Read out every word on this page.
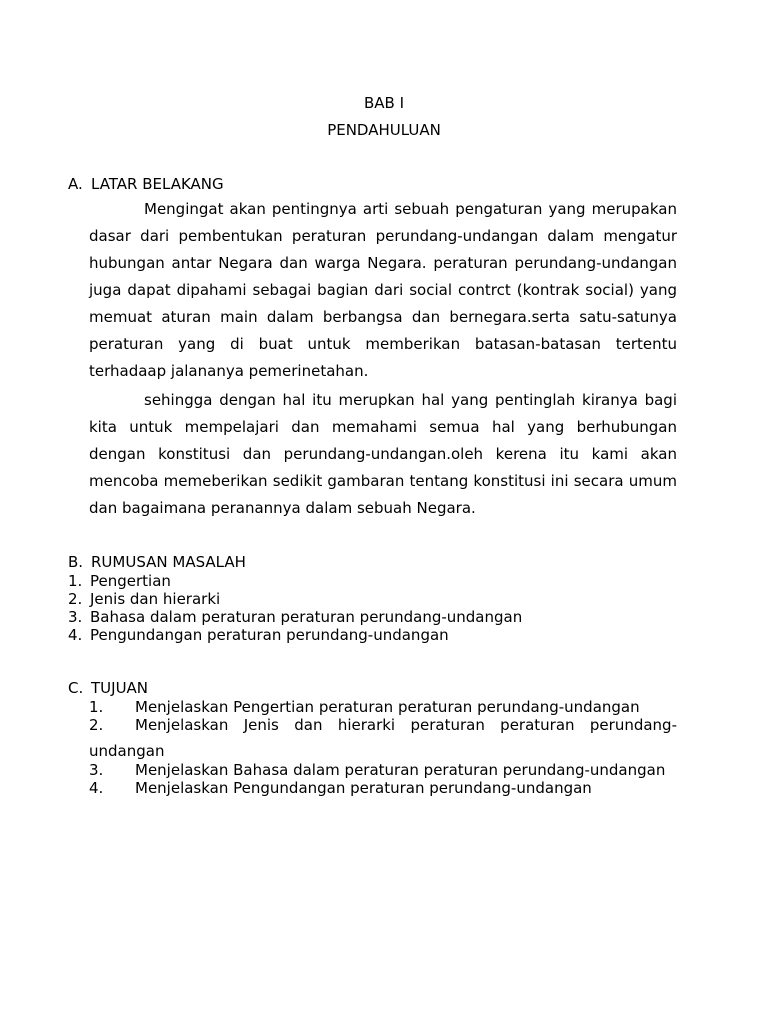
BAB I
PENDAHULUAN
A. LATAR BELAKANG
Mengingat akan pentingnya arti sebuah pengaturan yang merupakan dasar dari pembentukan peraturan perundang-undangan dalam mengatur hubungan antar Negara dan warga Negara. peraturan perundang-undangan juga dapat dipahami sebagai bagian dari social contrct (kontrak social) yang memuat aturan main dalam berbangsa dan bernegara.serta satu-satunya peraturan yang di buat untuk memberikan batasan-batasan tertentu terhadaap jalananya pemerinetahan.
sehingga dengan hal itu merupkan hal yang pentinglah kiranya bagi kita untuk mempelajari dan memahami semua hal yang berhubungan dengan konstitusi dan perundang-undangan.oleh kerena itu kami akan mencoba memeberikan sedikit gambaran tentang konstitusi ini secara umum dan bagaimana peranannya dalam sebuah Negara.
B. RUMUSAN MASALAH
1. Pengertian
2. Jenis dan hierarki
3. Bahasa dalam peraturan peraturan perundang-undangan
4. Pengundangan peraturan perundang-undangan
C. TUJUAN
1. Menjelaskan Pengertian peraturan peraturan perundang-undangan
2. Menjelaskan Jenis dan hierarki peraturan peraturan perundang-
undangan
3. Menjelaskan Bahasa dalam peraturan peraturan perundang-undangan
4. Menjelaskan Pengundangan peraturan perundang-undangan
